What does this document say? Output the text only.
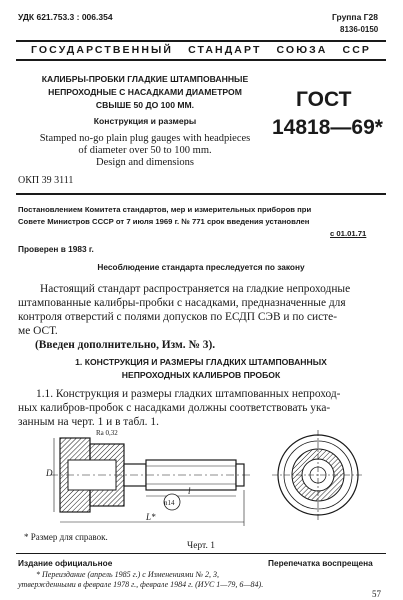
УДК 621.753.3 : 006.354	Группа Г28
8136-0150
ГОСУДАРСТВЕННЫЙ   СТАНДАРТ   СОЮЗА   ССР
КАЛИБРЫ-ПРОБКИ ГЛАДКИЕ ШТАМПОВАННЫЕ
НЕПРОХОДНЫЕ С НАСАДКАМИ ДИАМЕТРОМ
СВЫШЕ 50 ДО 100 ММ.
Конструкция и размеры
Stamped no-go plain plug gauges with headpieces
of diameter over 50 to 100 mm.
Design and dimensions
ГОСТ
14818—69*
ОКП 39 3111
Постановлением Комитета стандартов, мер и измерительных приборов при
Совете Министров СССР от 7 июля 1969 г. № 771 срок введения установлен
с 01.01.71
Проверен в 1983 г.
Несоблюдение стандарта преследуется по закону
Настоящий стандарт распространяется на гладкие непроходные
штампованные калибры-пробки с насадками, предназначенные для
контроля отверстий с полями допусков по ЕСДП СЭВ и по систе-
ме ОСТ.
(Введен дополнительно, Изм. № 3).
1. КОНСТРУКЦИЯ И РАЗМЕРЫ ГЛАДКИХ ШТАМПОВАННЫХ
НЕПРОХОДНЫХ КАЛИБРОВ ПРОБОК
1.1. Конструкция и размеры гладких штампованных непроход-
ных калибров-пробок с насадками должны соответствовать ука-
занным на черт. 1 и в табл. 1.
D
l
L*
Ra 0,32
n14
* Размер для справок.
Черт. 1
Издание официальное	Перепечатка воспрещена
* Переиздание (апрель 1985 г.) с Изменениями № 2, 3,
утвержденными в феврале 1978 г., феврале 1984 г. (ИУС 1—79, 6—84).
57
